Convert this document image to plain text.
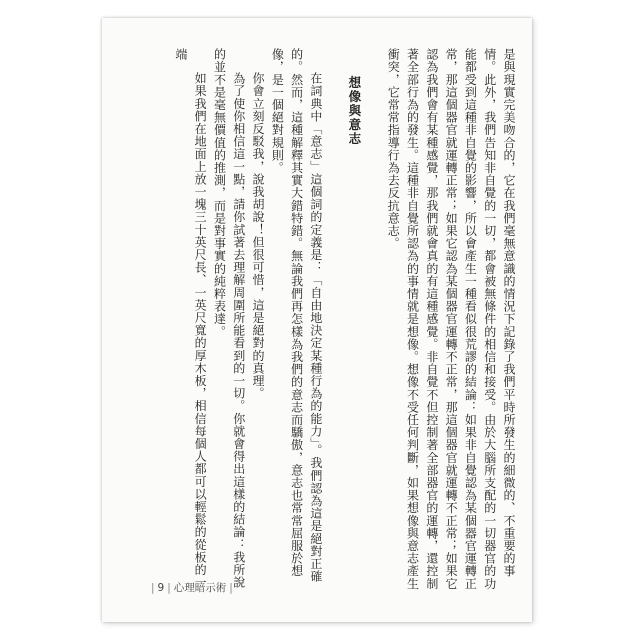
是與現實完美吻合的，它在我們毫無意識的情況下記錄了我們平時所發生的細微的、不重要的事情。此外，我們告知非自覺的一切，都會被無條件的相信和接受。由於大腦所支配的一切器官的功能都受到這種非自覺的影響，所以會產生一種看似很荒謬的結論：如果非自覺認為某個器官運轉正常，那這個器官就運轉正常；如果它認為某個器官運轉不正常，那這個器官就運轉不正常；如果它認為我們會有某種感覺，那我們就會真的有這種感覺。非自覺不但控制著全部器官的運轉，還控制著全部行為的發生。這種非自覺所認為的事情就是想像。想像不受任何判斷，如果想像與意志產生衝突，它常常指導行為去反抗意志。

想像與意志

在詞典中「意志」這個詞的定義是：「自由地決定某種行為的能力」。我們認為這是絕對正確的。然而，這種解釋其實大錯特錯。無論我們再怎樣為我們的意志而驕傲，意志也常常屈服於想像，是一個絕對規則。

你會立刻反駁我，說我胡說！但很可惜，這是絕對的真理。

為了使你相信這一點，請你試著去理解周圍所能看到的一切。你就會得出這樣的結論：我所說的並不是毫無價值的推測，而是對事實的純粹表達。

如果我們在地面上放一塊三十英尺長、一英尺寬的厚木板，相信每個人都可以輕鬆的從板的一端

| 9 | 心理暗示術 |
